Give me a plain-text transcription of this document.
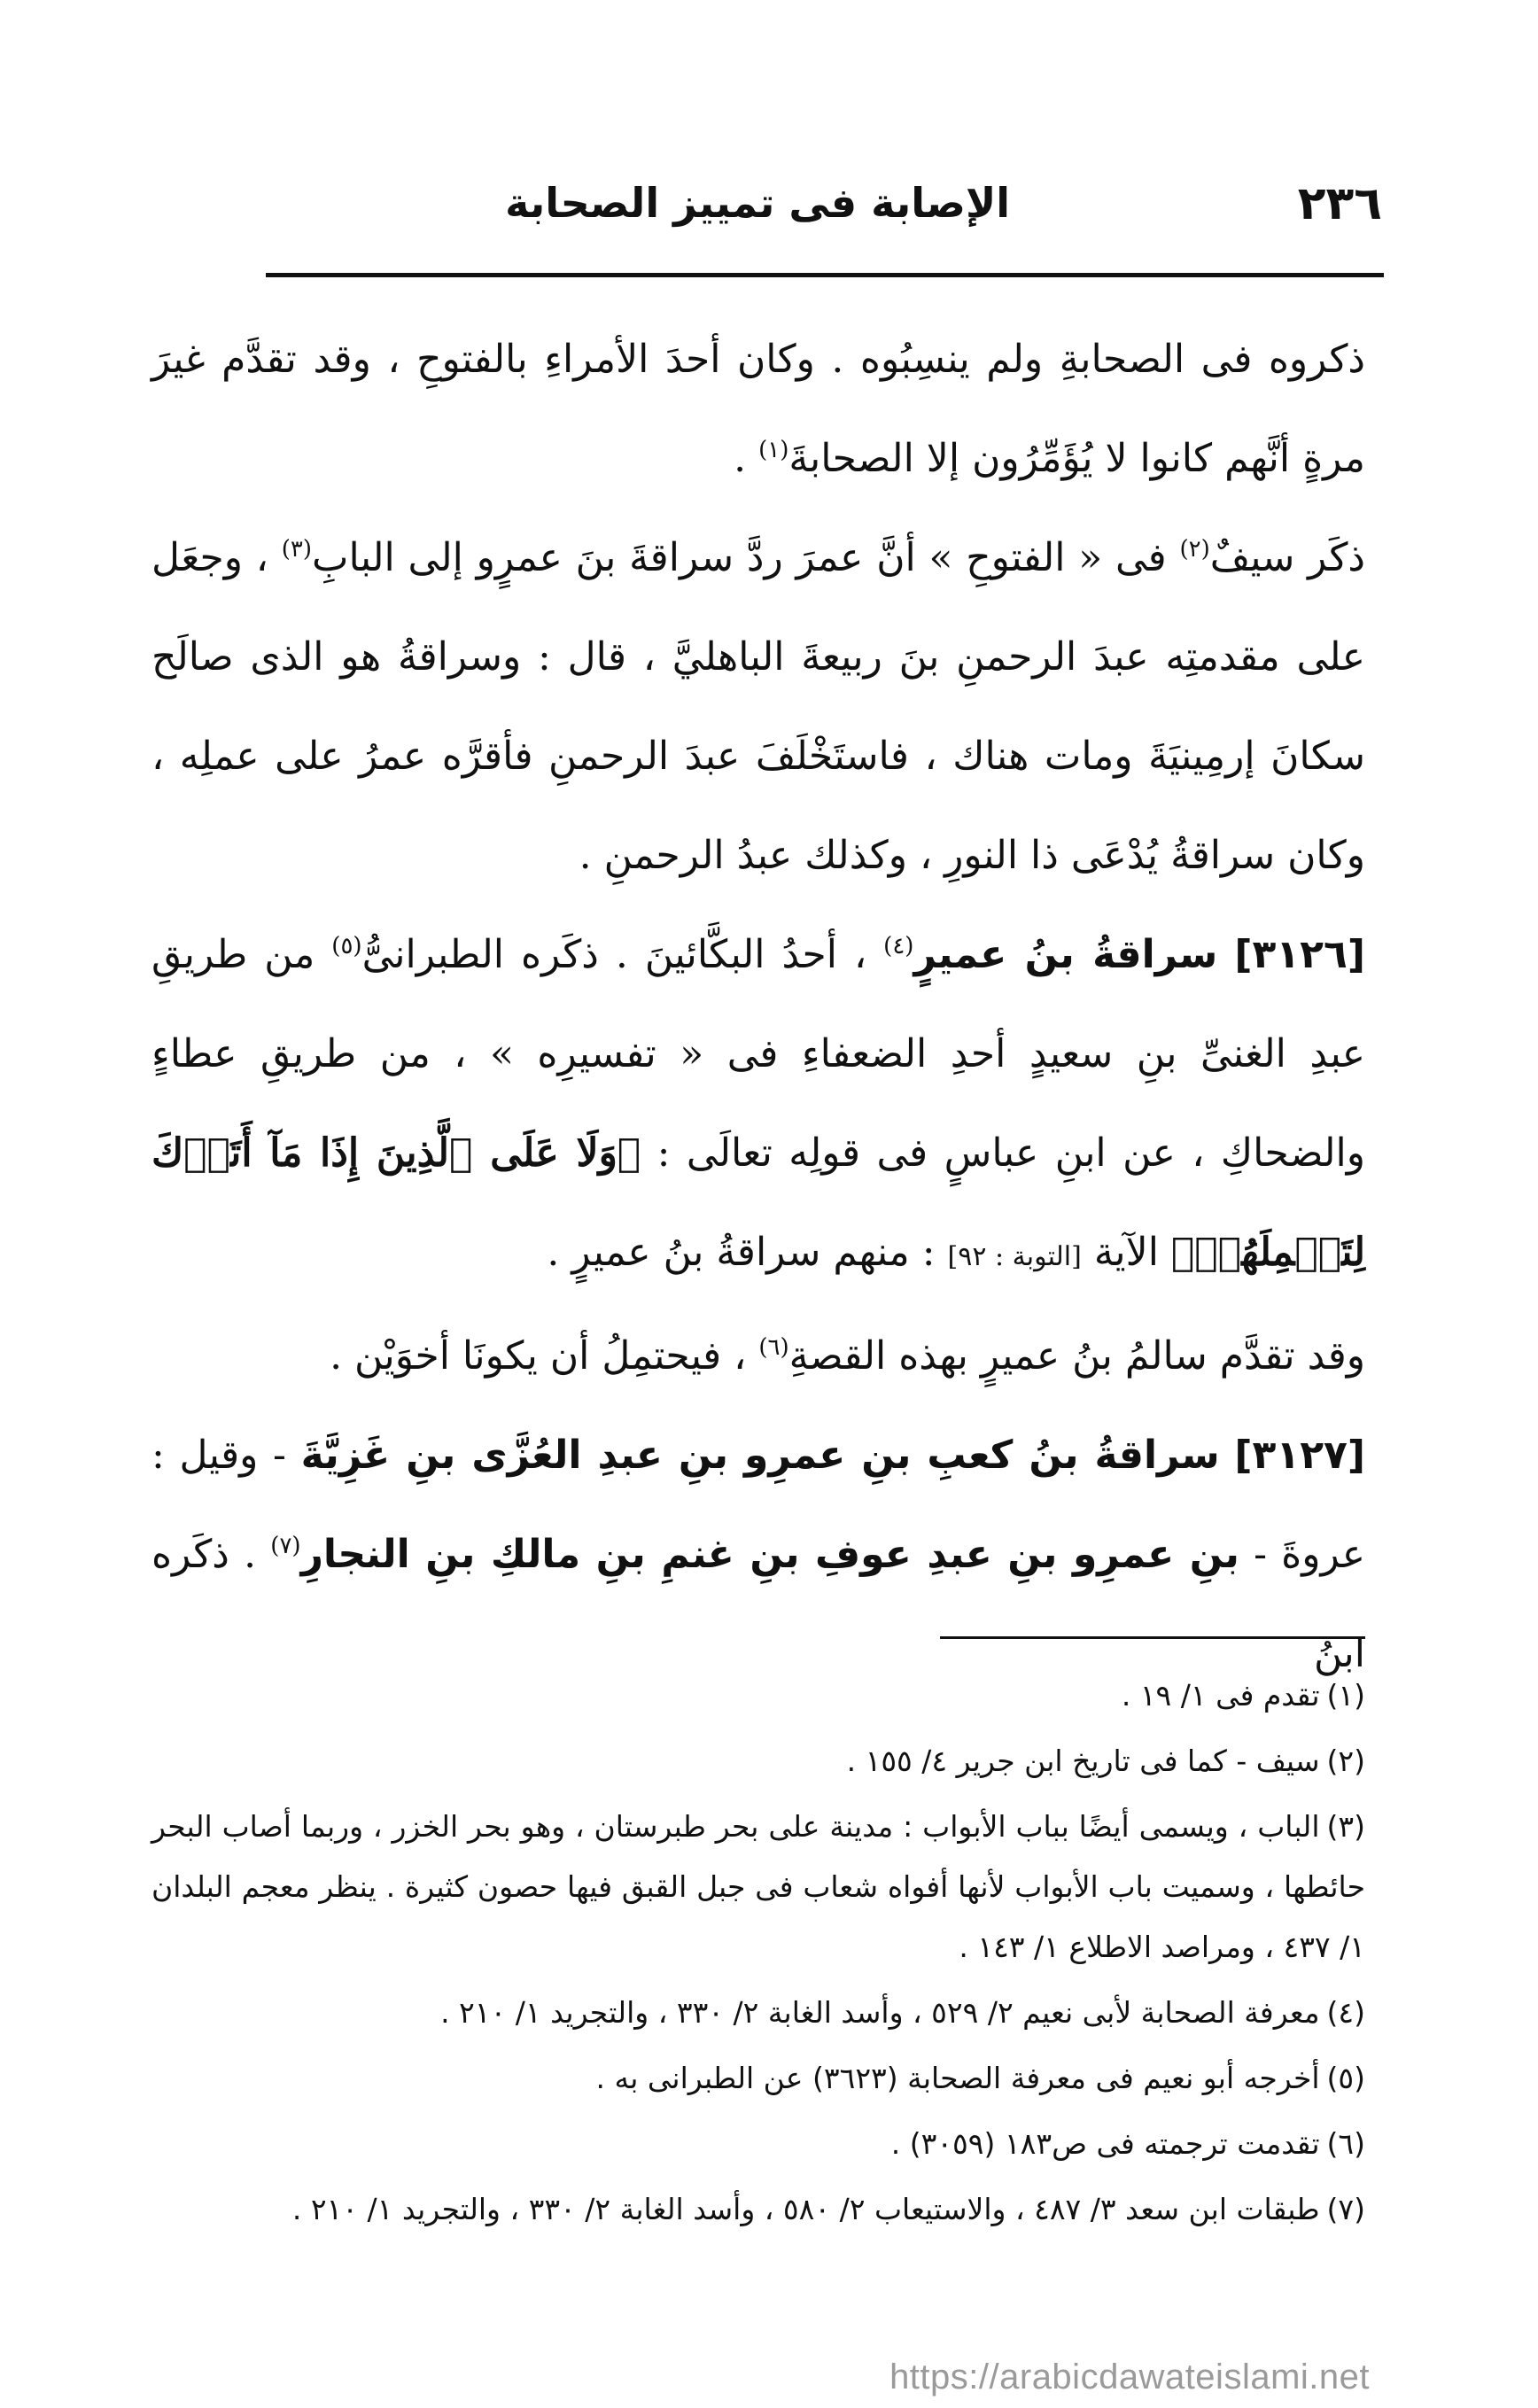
٢٣٦
الإصابة فى تمييز الصحابة

ذكروه فى الصحابةِ ولم ينسِبُوه . وكان أحدَ الأمراءِ بالفتوحِ ، وقد تقدَّم غيرَ مرةٍ أنَّهم كانوا لا يُؤَمِّرُون إلا الصحابةَ(١) .

ذكَر سيفٌ(٢) فى « الفتوحِ » أنَّ عمرَ ردَّ سراقةَ بنَ عمرٍو إلى البابِ(٣) ، وجعَل على مقدمتِه عبدَ الرحمنِ بنَ ربيعةَ الباهليَّ ، قال : وسراقةُ هو الذى صالَح سكانَ إرمِينيَةَ ومات هناك ، فاستَخْلَفَ عبدَ الرحمنِ فأقرَّه عمرُ على عملِه ، وكان سراقةُ يُدْعَى ذا النورِ ، وكذلك عبدُ الرحمنِ .

[٣١٢٦] سراقةُ بنُ عميرٍ(٤) ، أحدُ البكَّائينَ . ذكَره الطبرانىُّ(٥) من طريقِ عبدِ الغنىِّ بنِ سعيدٍ أحدِ الضعفاءِ فى « تفسيرِه » ، من طريقِ عطاءٍ والضحاكِ ، عن ابنِ عباسٍ فى قولِه تعالَى : ﴿وَلَا عَلَى ٱلَّذِينَ إِذَا مَآ أَتَوۡكَ لِتَحۡمِلَهُمۡ﴾ الآية [التوبة : ٩٢] : منهم سراقةُ بنُ عميرٍ .

وقد تقدَّم سالمُ بنُ عميرٍ بهذه القصةِ(٦) ، فيحتمِلُ أن يكونَا أخوَيْن .

[٣١٢٧] سراقةُ بنُ كعبِ بنِ عمرِو بنِ عبدِ العُزَّى بنِ غَزِيَّةَ - وقيل : عروةَ - بنِ عمرِو بنِ عبدِ عوفِ بنِ غنمِ بنِ مالكِ بنِ النجارِ(٧) . ذكَره ابنُ

(١)تقدم فى ١/ ١٩ .

(٢)سيف - كما فى تاريخ ابن جرير ٤/ ١٥٥ .

(٣)الباب ، ويسمى أيضًا بباب الأبواب : مدينة على بحر طبرستان ، وهو بحر الخزر ، وربما أصاب البحر حائطها ، وسميت باب الأبواب لأنها أفواه شعاب فى جبل القبق فيها حصون كثيرة . ينظر معجم البلدان ١/ ٤٣٧ ، ومراصد الاطلاع ١/ ١٤٣ .

(٤)معرفة الصحابة لأبى نعيم ٢/ ٥٢٩ ، وأسد الغابة ٢/ ٣٣٠ ، والتجريد ١/ ٢١٠ .

(٥)أخرجه أبو نعيم فى معرفة الصحابة (٣٦٢٣) عن الطبرانى به .

(٦)تقدمت ترجمته فى ص١٨٣ (٣٠٥٩) .

(٧)طبقات ابن سعد ٣/ ٤٨٧ ، والاستيعاب ٢/ ٥٨٠ ، وأسد الغابة ٢/ ٣٣٠ ، والتجريد ١/ ٢١٠ .

https://arabicdawateislami.net
